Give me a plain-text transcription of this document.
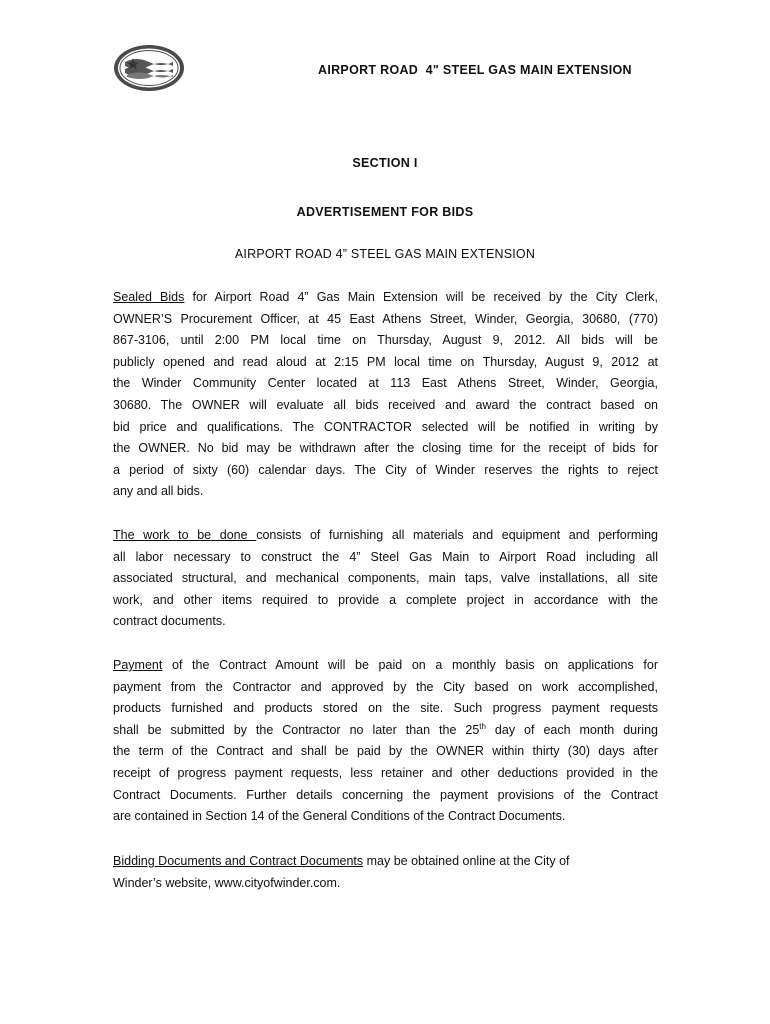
AIRPORT ROAD  4" STEEL GAS MAIN EXTENSION
SECTION I
ADVERTISEMENT FOR BIDS
AIRPORT ROAD 4” STEEL GAS MAIN EXTENSION
Sealed Bids for Airport Road 4” Gas Main Extension will be received by the City Clerk,
OWNER’S Procurement Officer, at 45 East Athens Street, Winder, Georgia, 30680, (770)
867-3106, until 2:00 PM local time on Thursday, August 9, 2012. All bids will be
publicly opened and read aloud at 2:15 PM local time on Thursday, August 9, 2012 at
the Winder Community Center located at 113 East Athens Street, Winder, Georgia,
30680. The OWNER will evaluate all bids received and award the contract based on
bid price and qualifications. The CONTRACTOR selected will be notified in writing by
the OWNER. No bid may be withdrawn after the closing time for the receipt of bids for
a period of sixty (60) calendar days. The City of Winder reserves the rights to reject
any and all bids.
The work to be done consists of furnishing all materials and equipment and performing
all labor necessary to construct the 4” Steel Gas Main to Airport Road including all
associated structural, and mechanical components, main taps, valve installations, all site
work, and other items required to provide a complete project in accordance with the
contract documents.
Payment of the Contract Amount will be paid on a monthly basis on applications for
payment from the Contractor and approved by the City based on work accomplished,
products furnished and products stored on the site. Such progress payment requests
shall be submitted by the Contractor no later than the 25th day of each month during
the term of the Contract and shall be paid by the OWNER within thirty (30) days after
receipt of progress payment requests, less retainer and other deductions provided in the
Contract Documents. Further details concerning the payment provisions of the Contract
are contained in Section 14 of the General Conditions of the Contract Documents.
Bidding Documents and Contract Documents may be obtained online at the City of
Winder’s website, www.cityofwinder.com.
